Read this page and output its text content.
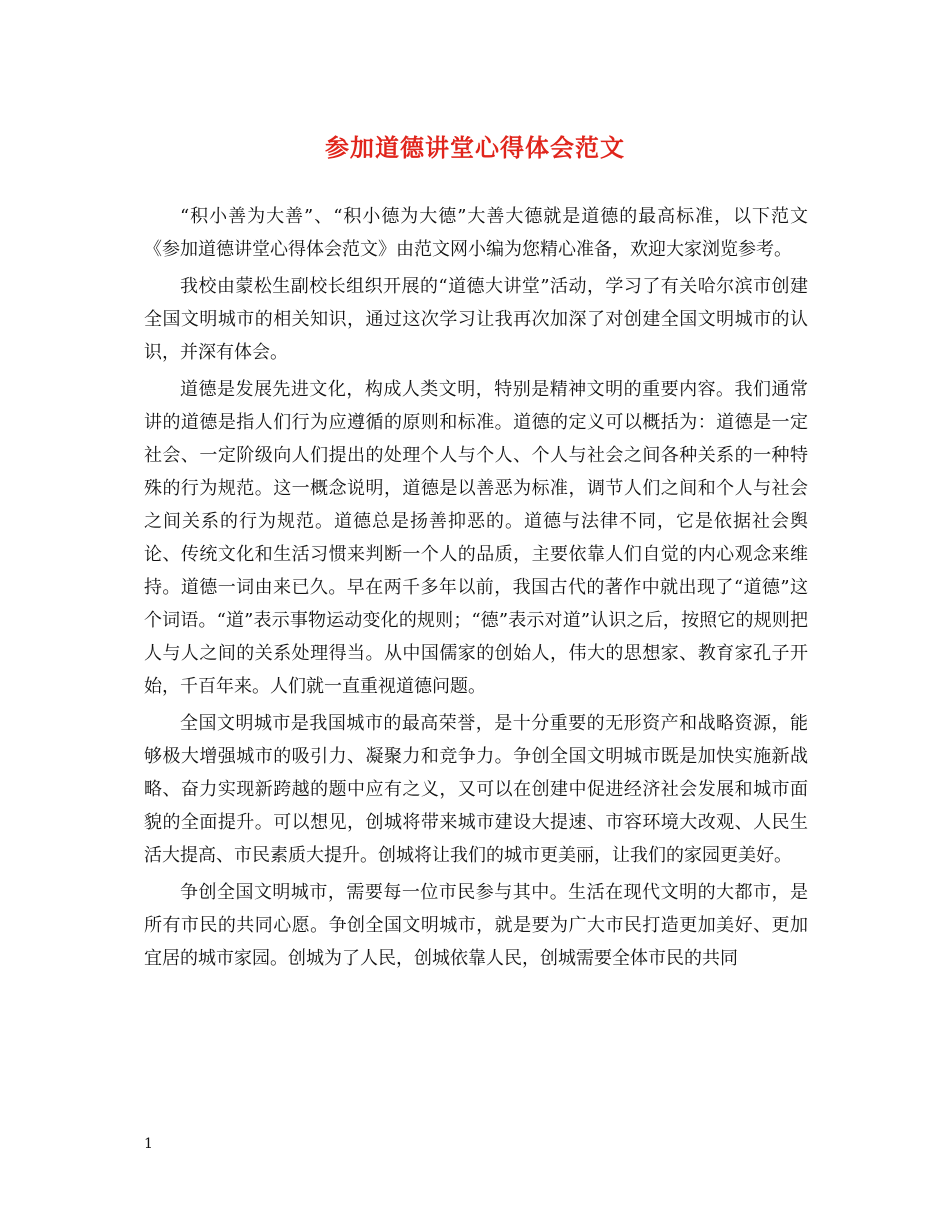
参加道德讲堂心得体会范文

“积小善为大善”、“积小德为大德”大善大德就是道德的最高标准，以下范文《参加道德讲堂心得体会范文》由范文网小编为您精心准备，欢迎大家浏览参考。

我校由蒙松生副校长组织开展的“道德大讲堂”活动，学习了有关哈尔滨市创建全国文明城市的相关知识，通过这次学习让我再次加深了对创建全国文明城市的认识，并深有体会。

道德是发展先进文化，构成人类文明，特别是精神文明的重要内容。我们通常讲的道德是指人们行为应遵循的原则和标准。道德的定义可以概括为：道德是一定社会、一定阶级向人们提出的处理个人与个人、个人与社会之间各种关系的一种特殊的行为规范。这一概念说明，道德是以善恶为标准，调节人们之间和个人与社会之间关系的行为规范。道德总是扬善抑恶的。道德与法律不同，它是依据社会舆论、传统文化和生活习惯来判断一个人的品质，主要依靠人们自觉的内心观念来维持。道德一词由来已久。早在两千多年以前，我国古代的著作中就出现了“道德”这个词语。“道”表示事物运动变化的规则；“德”表示对道”认识之后，按照它的规则把人与人之间的关系处理得当。从中国儒家的创始人，伟大的思想家、教育家孔子开始，千百年来。人们就一直重视道德问题。

全国文明城市是我国城市的最高荣誉，是十分重要的无形资产和战略资源，能够极大增强城市的吸引力、凝聚力和竞争力。争创全国文明城市既是加快实施新战略、奋力实现新跨越的题中应有之义，又可以在创建中促进经济社会发展和城市面貌的全面提升。可以想见，创城将带来城市建设大提速、市容环境大改观、人民生活大提高、市民素质大提升。创城将让我们的城市更美丽，让我们的家园更美好。

争创全国文明城市，需要每一位市民参与其中。生活在现代文明的大都市，是所有市民的共同心愿。争创全国文明城市，就是要为广大市民打造更加美好、更加宜居的城市家园。创城为了人民，创城依靠人民，创城需要全体市民的共同

1
